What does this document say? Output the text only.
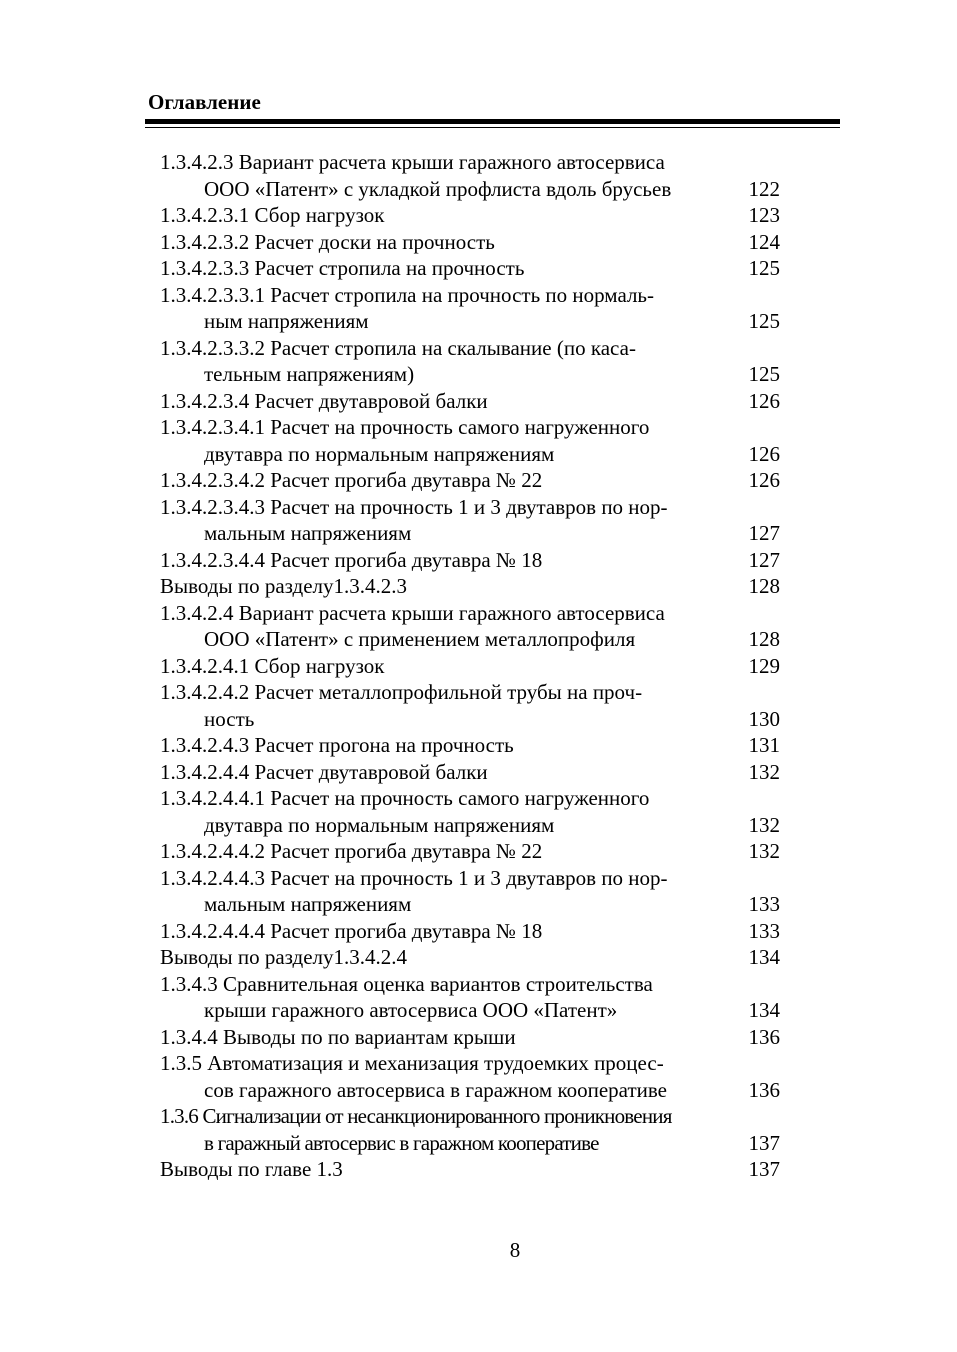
Оглавление
1.3.4.2.3 Вариант расчета крыши гаражного автосервиса
ООО «Патент» с укладкой профлиста вдоль брусьев	122
1.3.4.2.3.1 Сбор нагрузок	123
1.3.4.2.3.2 Расчет доски на прочность	124
1.3.4.2.3.3 Расчет стропила на прочность	125
1.3.4.2.3.3.1 Расчет стропила на прочность по нормаль-
ным напряжениям	125
1.3.4.2.3.3.2 Расчет стропила на скалывание (по каса-
тельным напряжениям)	125
1.3.4.2.3.4 Расчет двутавровой балки	126
1.3.4.2.3.4.1 Расчет на прочность самого нагруженного
двутавра по нормальным напряжениям	126
1.3.4.2.3.4.2 Расчет прогиба двутавра № 22	126
1.3.4.2.3.4.3 Расчет на прочность 1 и 3 двутавров по нор-
мальным напряжениям	127
1.3.4.2.3.4.4 Расчет прогиба двутавра № 18	127
Выводы по разделу1.3.4.2.3	128
1.3.4.2.4 Вариант расчета крыши гаражного автосервиса
ООО «Патент» с применением металлопрофиля	128
1.3.4.2.4.1 Сбор нагрузок	129
1.3.4.2.4.2 Расчет металлопрофильной трубы на проч-
ность	130
1.3.4.2.4.3 Расчет прогона на прочность	131
1.3.4.2.4.4 Расчет двутавровой балки	132
1.3.4.2.4.4.1 Расчет на прочность самого нагруженного
двутавра по нормальным напряжениям	132
1.3.4.2.4.4.2 Расчет прогиба двутавра № 22	132
1.3.4.2.4.4.3 Расчет на прочность 1 и 3 двутавров по нор-
мальным напряжениям	133
1.3.4.2.4.4.4 Расчет прогиба двутавра № 18	133
Выводы по разделу1.3.4.2.4	134
1.3.4.3 Сравнительная оценка вариантов строительства
крыши гаражного автосервиса ООО «Патент»	134
1.3.4.4 Выводы по по вариантам крыши	136
1.3.5 Автоматизация и механизация трудоемких процес-
сов гаражного автосервиса в гаражном кооперативе	136
1.3.6 Сигнализации от несанкционированного проникновения
в гаражный автосервис в гаражном кооперативе	137
Выводы по главе 1.3	137
8
